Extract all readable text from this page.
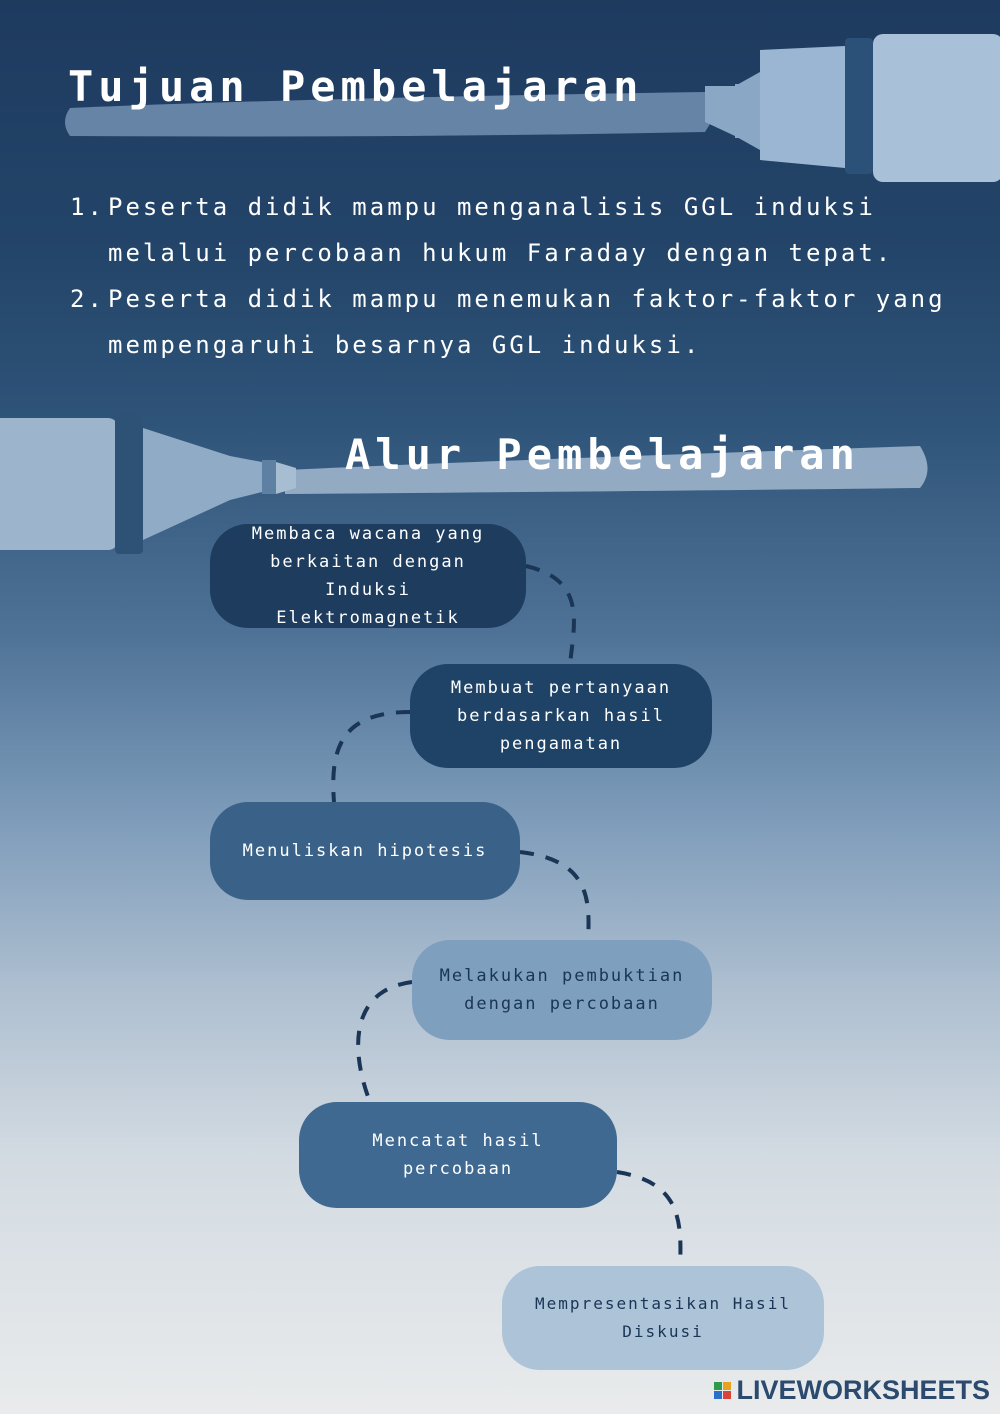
Tujuan Pembelajaran
1. Peserta didik mampu menganalisis GGL induksi melalui percobaan hukum Faraday dengan tepat.
2. Peserta didik mampu menemukan faktor-faktor yang mempengaruhi besarnya GGL induksi.
Alur Pembelajaran
Membaca wacana yang berkaitan dengan Induksi Elektromagnetik
Membuat pertanyaan berdasarkan hasil pengamatan
Menuliskan hipotesis
Melakukan pembuktian dengan percobaan
Mencatat hasil percobaan
Mempresentasikan Hasil Diskusi
LIVEWORKSHEETS
